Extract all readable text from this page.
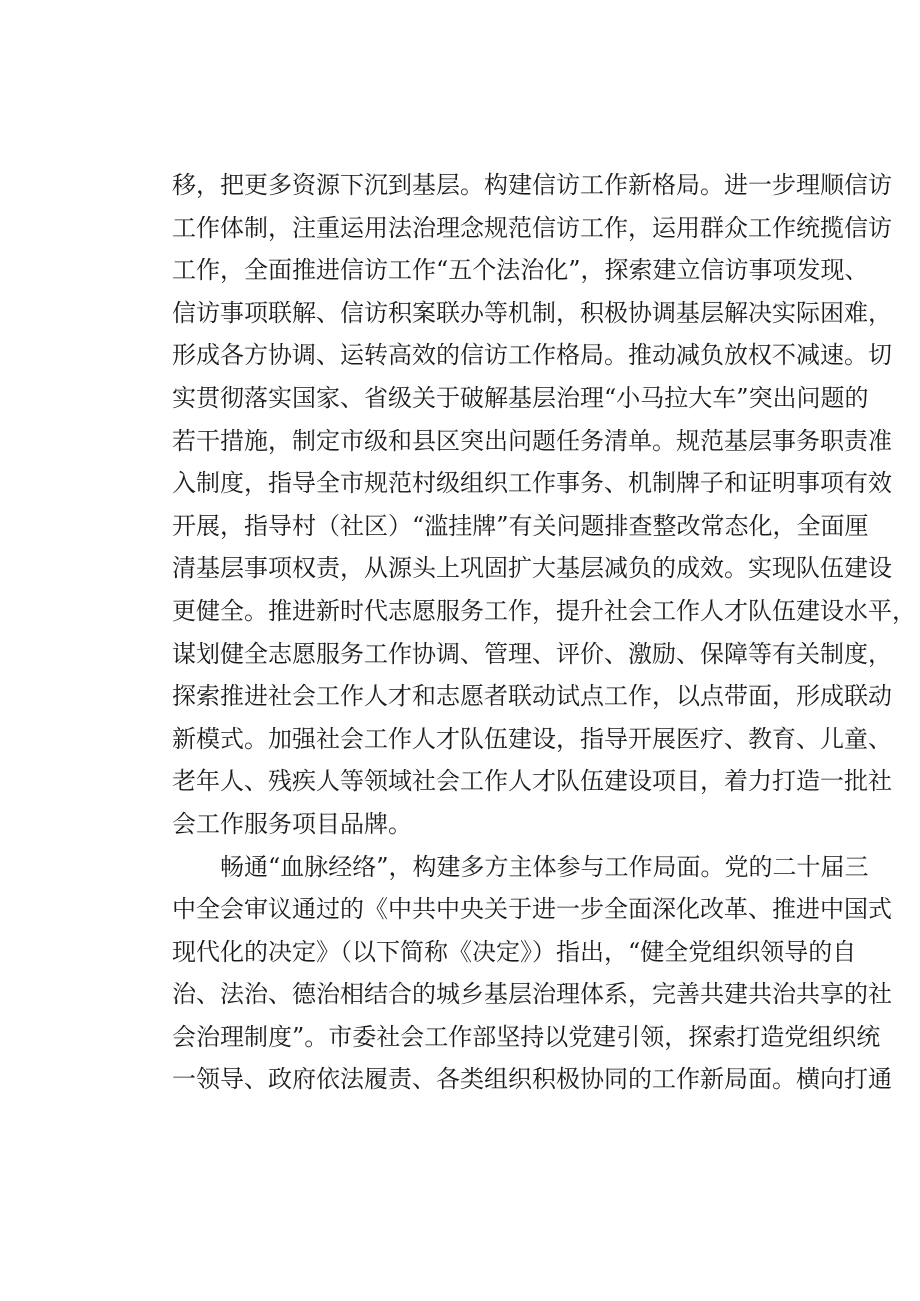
移，把更多资源下沉到基层。构建信访工作新格局。进一步理顺信访
工作体制，注重运用法治理念规范信访工作，运用群众工作统揽信访
工作，全面推进信访工作“五个法治化”，探索建立信访事项发现、
信访事项联解、信访积案联办等机制，积极协调基层解决实际困难，
形成各方协调、运转高效的信访工作格局。推动减负放权不减速。切
实贯彻落实国家、省级关于破解基层治理“小马拉大车”突出问题的
若干措施，制定市级和县区突出问题任务清单。规范基层事务职责准
入制度，指导全市规范村级组织工作事务、机制牌子和证明事项有效
开展，指导村（社区）“滥挂牌”有关问题排查整改常态化，全面厘
清基层事项权责，从源头上巩固扩大基层减负的成效。实现队伍建设
更健全。推进新时代志愿服务工作，提升社会工作人才队伍建设水平，
谋划健全志愿服务工作协调、管理、评价、激励、保障等有关制度，
探索推进社会工作人才和志愿者联动试点工作，以点带面，形成联动
新模式。加强社会工作人才队伍建设，指导开展医疗、教育、儿童、
老年人、残疾人等领域社会工作人才队伍建设项目，着力打造一批社
会工作服务项目品牌。
畅通“血脉经络”，构建多方主体参与工作局面。党的二十届三
中全会审议通过的《中共中央关于进一步全面深化改革、推进中国式
现代化的决定》（以下简称《决定》）指出，“健全党组织领导的自
治、法治、德治相结合的城乡基层治理体系，完善共建共治共享的社
会治理制度”。市委社会工作部坚持以党建引领，探索打造党组织统
一领导、政府依法履责、各类组织积极协同的工作新局面。横向打通
